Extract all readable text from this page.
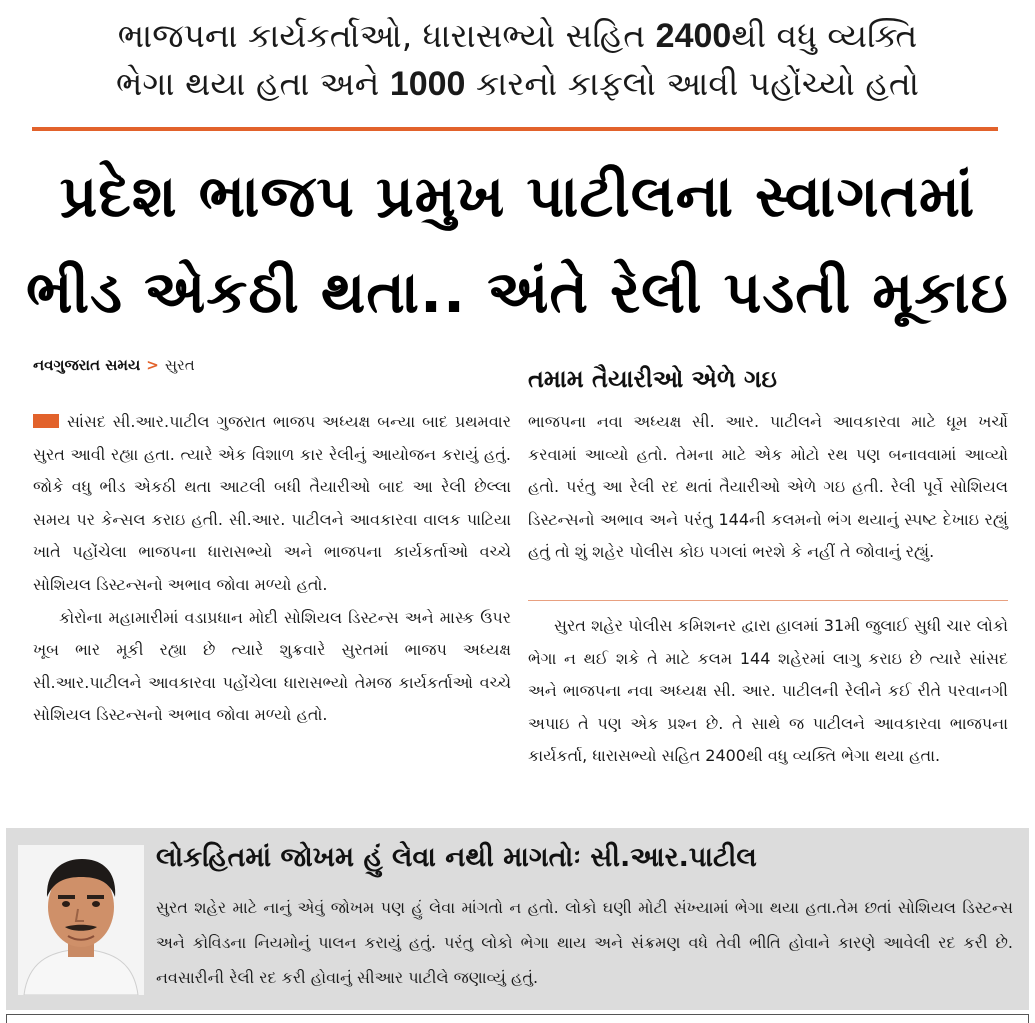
ભાજપના કાર્યકર્તાઓ, ધારાસભ્યો સહિત 2400થી વધુ વ્યક્તિ
ભેગા થયા હતા અને 1000 કારનો કાફલો આવી પહોંચ્યો હતો
પ્રદેશ ભાજપ પ્રમુખ પાટીલના સ્વાગતમાં
ભીડ એકઠી થતા.. અંતે રેલી પડતી મૂકાઇ
નવગુજરાત સમય > સુરત	તમામ તૈયારીઓ એળે ગઇ

સાંસદ સી.આર.પાટીલ ગુજરાત ભાજપ અધ્યક્ષ બન્યા બાદ પ્રથમવાર સુરત આવી રહ્યા હતા. ત્યારે એક વિશાળ કાર રેલીનું આયોજન કરાયું હતું. જોકે વધુ ભીડ એકઠી થતા આટલી બધી તૈયારીઓ બાદ આ રેલી છેલ્લા સમય પર કેન્સલ કરાઇ હતી. સી.આર. પાટીલને આવકારવા વાલક પાટિયા ખાતે પહોંચેલા ભાજપના ધારાસભ્યો અને ભાજપના કાર્યકર્તાઓ વચ્ચે સોશિયલ ડિસ્ટન્સનો અભાવ જોવા મળ્યો હતો.

કોરોના મહામારીમાં વડાપ્રધાન મોદી સોશિયલ ડિસ્ટન્સ અને માસ્ક ઉપર ખૂબ ભાર મૂકી રહ્યા છે ત્યારે શુક્રવારે સુરતમાં ભાજપ અધ્યક્ષ સી.આર.પાટીલને આવકારવા પહોંચેલા ધારાસભ્યો તેમજ કાર્યકર્તાઓ વચ્ચે સોશિયલ ડિસ્ટન્સનો અભાવ જોવા મળ્યો હતો.

ભાજપના નવા અધ્યક્ષ સી. આર. પાટીલને આવકારવા માટે ધૂમ ખર્ચો કરવામાં આવ્યો હતો. તેમના માટે એક મોટો રથ પણ બનાવવામાં આવ્યો હતો. પરંતુ આ રેલી રદ થતાં તૈયારીઓ એળે ગઇ હતી. રેલી પૂર્વે સોશિયલ ડિસ્ટન્સનો અભાવ અને પરંતુ 144ની કલમનો ભંગ થયાનું સ્પષ્ટ દેખાઇ રહ્યું હતું તો શું શહેર પોલીસ કોઇ પગલાં ભરશે કે નહીં તે જોવાનું રહ્યું.

સુરત શહેર પોલીસ કમિશનર દ્વારા હાલમાં 31મી જુલાઈ સુધી ચાર લોકો ભેગા ન થઈ શકે તે માટે કલમ 144 શહેરમાં લાગુ કરાઇ છે ત્યારે સાંસદ અને ભાજપના નવા અધ્યક્ષ સી. આર. પાટીલની રેલીને કઈ રીતે પરવાનગી અપાઇ તે પણ એક પ્રશ્ન છે. તે સાથે જ પાટીલને આવકારવા ભાજપના કાર્યકર્તા, ધારાસભ્યો સહિત 2400થી વધુ વ્યક્તિ ભેગા થયા હતા.

લોકહિતમાં જોખમ હું લેવા નથી માગતોઃ સી.આર.પાટીલ
સુરત શહેર માટે નાનું એવું જોખમ પણ હું લેવા માંગતો ન હતો. લોકો ઘણી મોટી સંખ્યામાં ભેગા થયા હતા.તેમ છતાં સોશિયલ ડિસ્ટન્સ અને કોવિડના નિયમોનું પાલન કરાયું હતું. પરંતુ લોકો ભેગા થાય અને સંક્રમણ વધે તેવી ભીતિ હોવાને કારણે આવેલી રદ કરી છે. નવસારીની રેલી રદ કરી હોવાનું સીઆર પાટીલે જણાવ્યું હતું.
